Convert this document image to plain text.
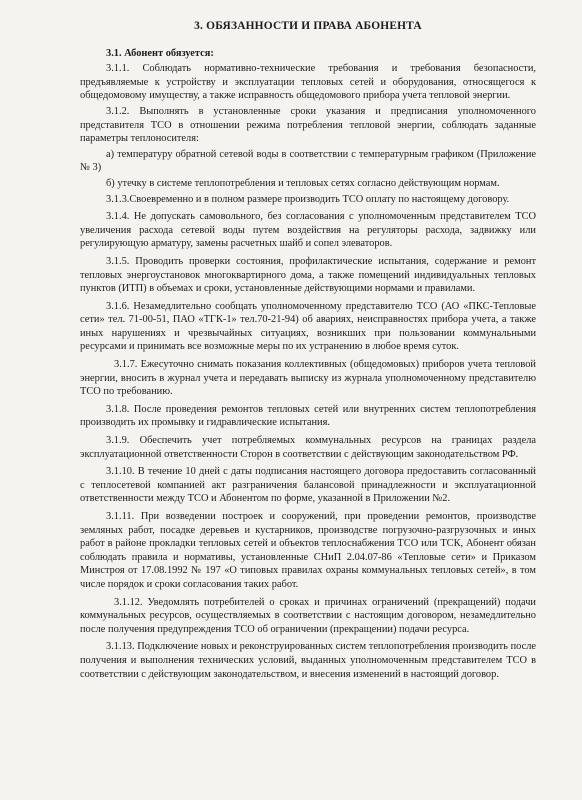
3. ОБЯЗАННОСТИ И ПРАВА АБОНЕНТА
3.1. Абонент обязуется:
3.1.1. Соблюдать нормативно-технические требования и требования безопасности, предъявляемые к устройству и эксплуатации тепловых сетей и оборудования, относящегося к общедомовому имуществу, а также исправность общедомового прибора учета тепловой энергии.
3.1.2. Выполнять в установленные сроки указания и предписания уполномоченного представителя ТСО в отношении режима потребления тепловой энергии, соблюдать заданные параметры теплоносителя:
а) температуру обратной сетевой воды в соответствии с температурным графиком (Приложение № 3)
б) утечку в системе теплопотребления и тепловых сетях согласно действующим нормам.
3.1.3.Своевременно и в полном размере производить ТСО оплату по настоящему договору.
3.1.4. Не допускать самовольного, без согласования с уполномоченным представителем ТСО увеличения расхода сетевой воды путем воздействия на регуляторы расхода, задвижку или регулирующую арматуру, замены расчетных шайб и сопел элеваторов.
3.1.5. Проводить проверки состояния, профилактические испытания, содержание и ремонт тепловых энергоустановок многоквартирного дома, а также помещений индивидуальных тепловых пунктов (ИТП) в объемах и сроки, установленные действующими нормами и правилами.
3.1.6. Незамедлительно сообщать уполномоченному представителю ТСО (АО «ПКС-Тепловые сети» тел. 71-00-51, ПАО «ТГК-1» тел.70-21-94) об авариях, неисправностях прибора учета, а также иных нарушениях и чрезвычайных ситуациях, возникших при пользовании коммунальными ресурсами и принимать все возможные меры по их устранению в любое время суток.
3.1.7. Ежесуточно снимать показания коллективных (общедомовых) приборов учета тепловой энергии, вносить в журнал учета и передавать выписку из журнала уполномоченному представителю ТСО по требованию.
3.1.8. После проведения ремонтов тепловых сетей или внутренних систем теплопотребления производить их промывку и гидравлические испытания.
3.1.9. Обеспечить учет потребляемых коммунальных ресурсов на границах раздела эксплуатационной ответственности Сторон в соответствии с действующим законодательством РФ.
3.1.10. В течение 10 дней с даты подписания настоящего договора предоставить согласованный с теплосетевой компанией акт разграничения балансовой принадлежности и эксплуатационной ответственности между ТСО и Абонентом по форме, указанной в Приложении №2.
3.1.11. При возведении построек и сооружений, при проведении ремонтов, производстве земляных работ, посадке деревьев и кустарников, производстве погрузочно-разгрузочных и иных работ в районе прокладки тепловых сетей и объектов теплоснабжения ТСО или ТСК, Абонент обязан соблюдать правила и нормативы, установленные СНиП 2.04.07-86 «Тепловые сети» и Приказом Минстроя от 17.08.1992 № 197 «О типовых правилах охраны коммунальных тепловых сетей», в том числе порядок и сроки согласования таких работ.
3.1.12. Уведомлять потребителей о сроках и причинах ограничений (прекращений) подачи коммунальных ресурсов, осуществляемых в соответствии с настоящим договором, незамедлительно после получения предупреждения ТСО об ограничении (прекращении) подачи ресурса.
3.1.13. Подключение новых и реконструированных систем теплопотребления производить после получения и выполнения технических условий, выданных уполномоченным представителем ТСО в соответствии с действующим законодательством, и внесения изменений в настоящий договор.
